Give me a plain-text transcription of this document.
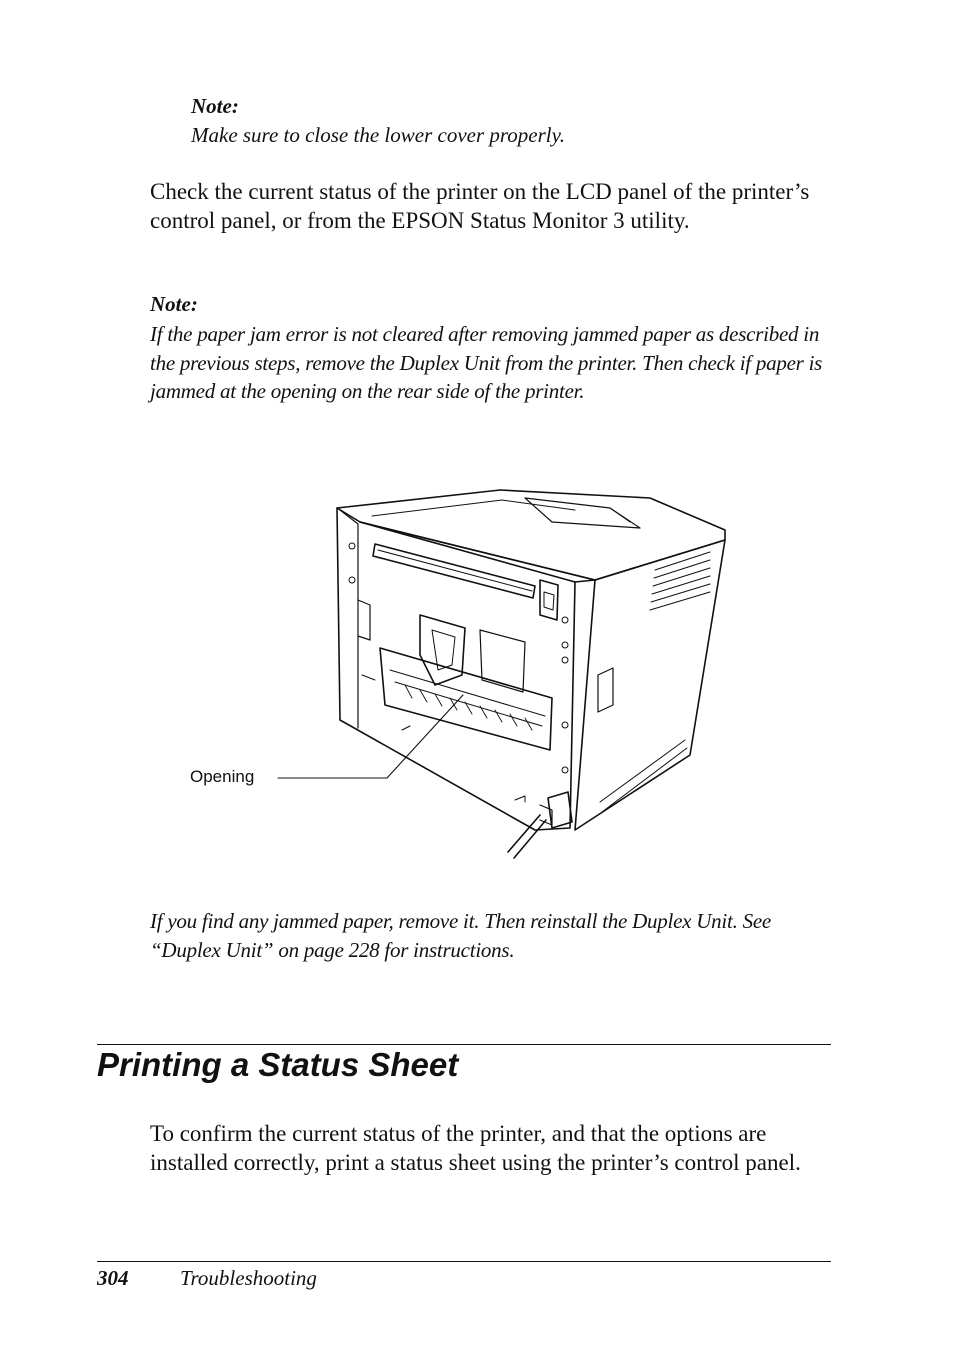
Note:
Make sure to close the lower cover properly.
Check the current status of the printer on the LCD panel of the printer’s control panel, or from the EPSON Status Monitor 3 utility.
Note:
If the paper jam error is not cleared after removing jammed paper as described in the previous steps, remove the Duplex Unit from the printer. Then check if paper is jammed at the opening on the rear side of the printer.
Opening
If you find any jammed paper, remove it. Then reinstall the Duplex Unit. See “Duplex Unit” on page 228 for instructions.
Printing a Status Sheet
To confirm the current status of the printer, and that the options are installed correctly, print a status sheet using the printer’s control panel.
304 Troubleshooting
